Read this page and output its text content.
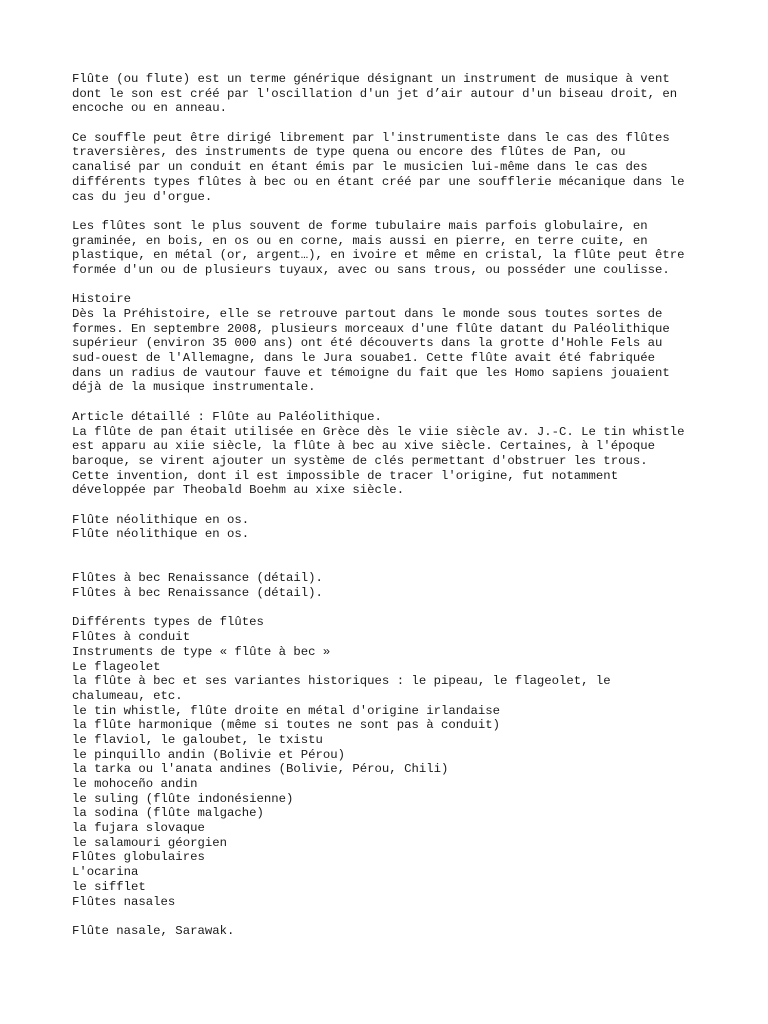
Flûte (ou flute) est un terme générique désignant un instrument de musique à vent
dont le son est créé par l'oscillation d'un jet d’air autour d'un biseau droit, en
encoche ou en anneau.
Ce souffle peut être dirigé librement par l'instrumentiste dans le cas des flûtes
traversières, des instruments de type quena ou encore des flûtes de Pan, ou
canalisé par un conduit en étant émis par le musicien lui-même dans le cas des
différents types flûtes à bec ou en étant créé par une soufflerie mécanique dans le
cas du jeu d'orgue.
Les flûtes sont le plus souvent de forme tubulaire mais parfois globulaire, en
graminée, en bois, en os ou en corne, mais aussi en pierre, en terre cuite, en
plastique, en métal (or, argent…), en ivoire et même en cristal, la flûte peut être
formée d'un ou de plusieurs tuyaux, avec ou sans trous, ou posséder une coulisse.
Histoire
Dès la Préhistoire, elle se retrouve partout dans le monde sous toutes sortes de
formes. En septembre 2008, plusieurs morceaux d'une flûte datant du Paléolithique
supérieur (environ 35 000 ans) ont été découverts dans la grotte d'Hohle Fels au
sud-ouest de l'Allemagne, dans le Jura souabe1. Cette flûte avait été fabriquée
dans un radius de vautour fauve et témoigne du fait que les Homo sapiens jouaient
déjà de la musique instrumentale.
Article détaillé : Flûte au Paléolithique.
La flûte de pan était utilisée en Grèce dès le viie siècle av. J.-C. Le tin whistle
est apparu au xiie siècle, la flûte à bec au xive siècle. Certaines, à l'époque
baroque, se virent ajouter un système de clés permettant d'obstruer les trous.
Cette invention, dont il est impossible de tracer l'origine, fut notamment
développée par Theobald Boehm au xixe siècle.
Flûte néolithique en os.
Flûte néolithique en os.
Flûtes à bec Renaissance (détail).
Flûtes à bec Renaissance (détail).
Différents types de flûtes
Flûtes à conduit
Instruments de type « flûte à bec »
Le flageolet
la flûte à bec et ses variantes historiques : le pipeau, le flageolet, le
chalumeau, etc.
le tin whistle, flûte droite en métal d'origine irlandaise
la flûte harmonique (même si toutes ne sont pas à conduit)
le flaviol, le galoubet, le txistu
le pinquillo andin (Bolivie et Pérou)
la tarka ou l'anata andines (Bolivie, Pérou, Chili)
le mohoceño andin
le suling (flûte indonésienne)
la sodina (flûte malgache)
la fujara slovaque
le salamouri géorgien
Flûtes globulaires
L'ocarina
le sifflet
Flûtes nasales
Flûte nasale, Sarawak.
